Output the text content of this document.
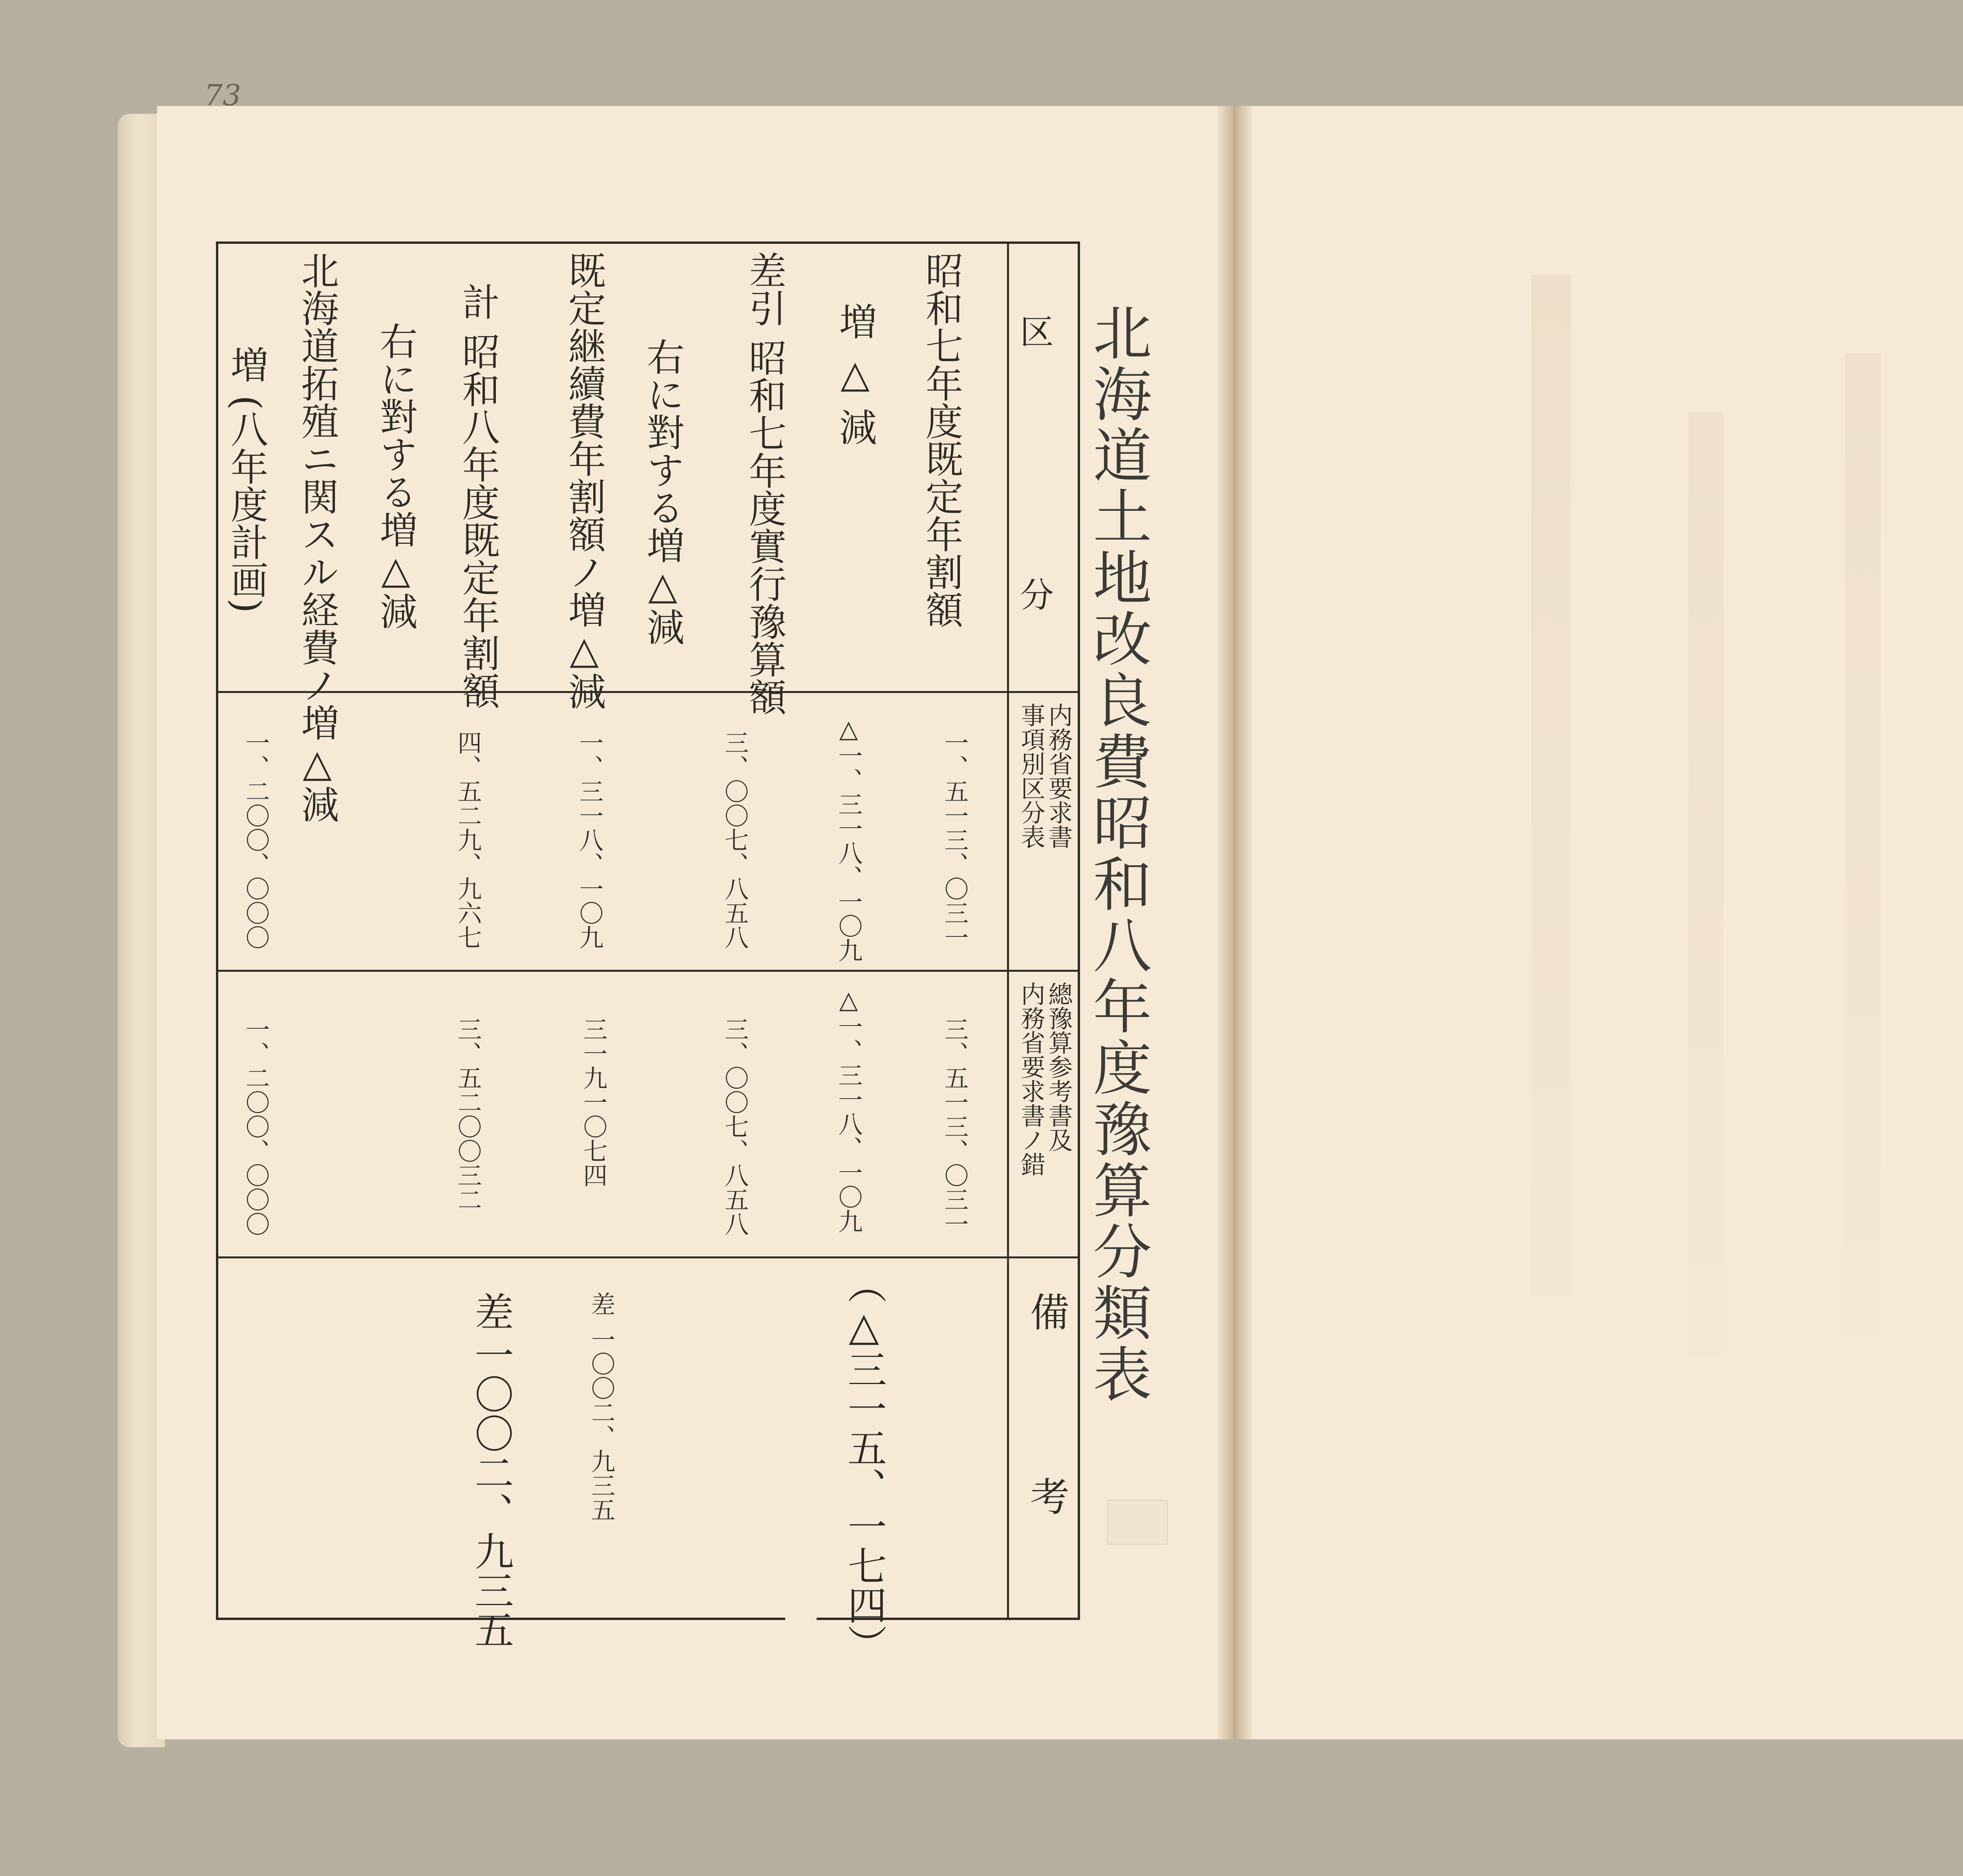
73
北海道土地改良費昭和八年度豫算分類表
区
分
内務省要求書
事項別区分表
總豫算参考書及
内務省要求書ノ錯
備
考
昭和七年度既定年割額
増 △ 減
差引 昭和七年度實行豫算額
右に對する増△減
既定継續費年割額ノ増△減
計 昭和八年度既定年割額
右に對する増△減
北海道拓殖ニ関スル経費ノ増△減
増 (八年度計画)
一、五一三、〇三一
△一、三一八、一〇九
三、〇〇七、八五八
一、三一八、一〇九
四、五二九、九六七
一、二〇〇、〇〇〇
三、五一三、〇三一
△一、三一八、一〇九
三、〇〇七、八五八
三一九一〇七四
三、五二〇〇三二
一、二〇〇、〇〇〇
（△三一五、一七四）
差
一〇〇二、九三五
差
一〇〇二、九三五
